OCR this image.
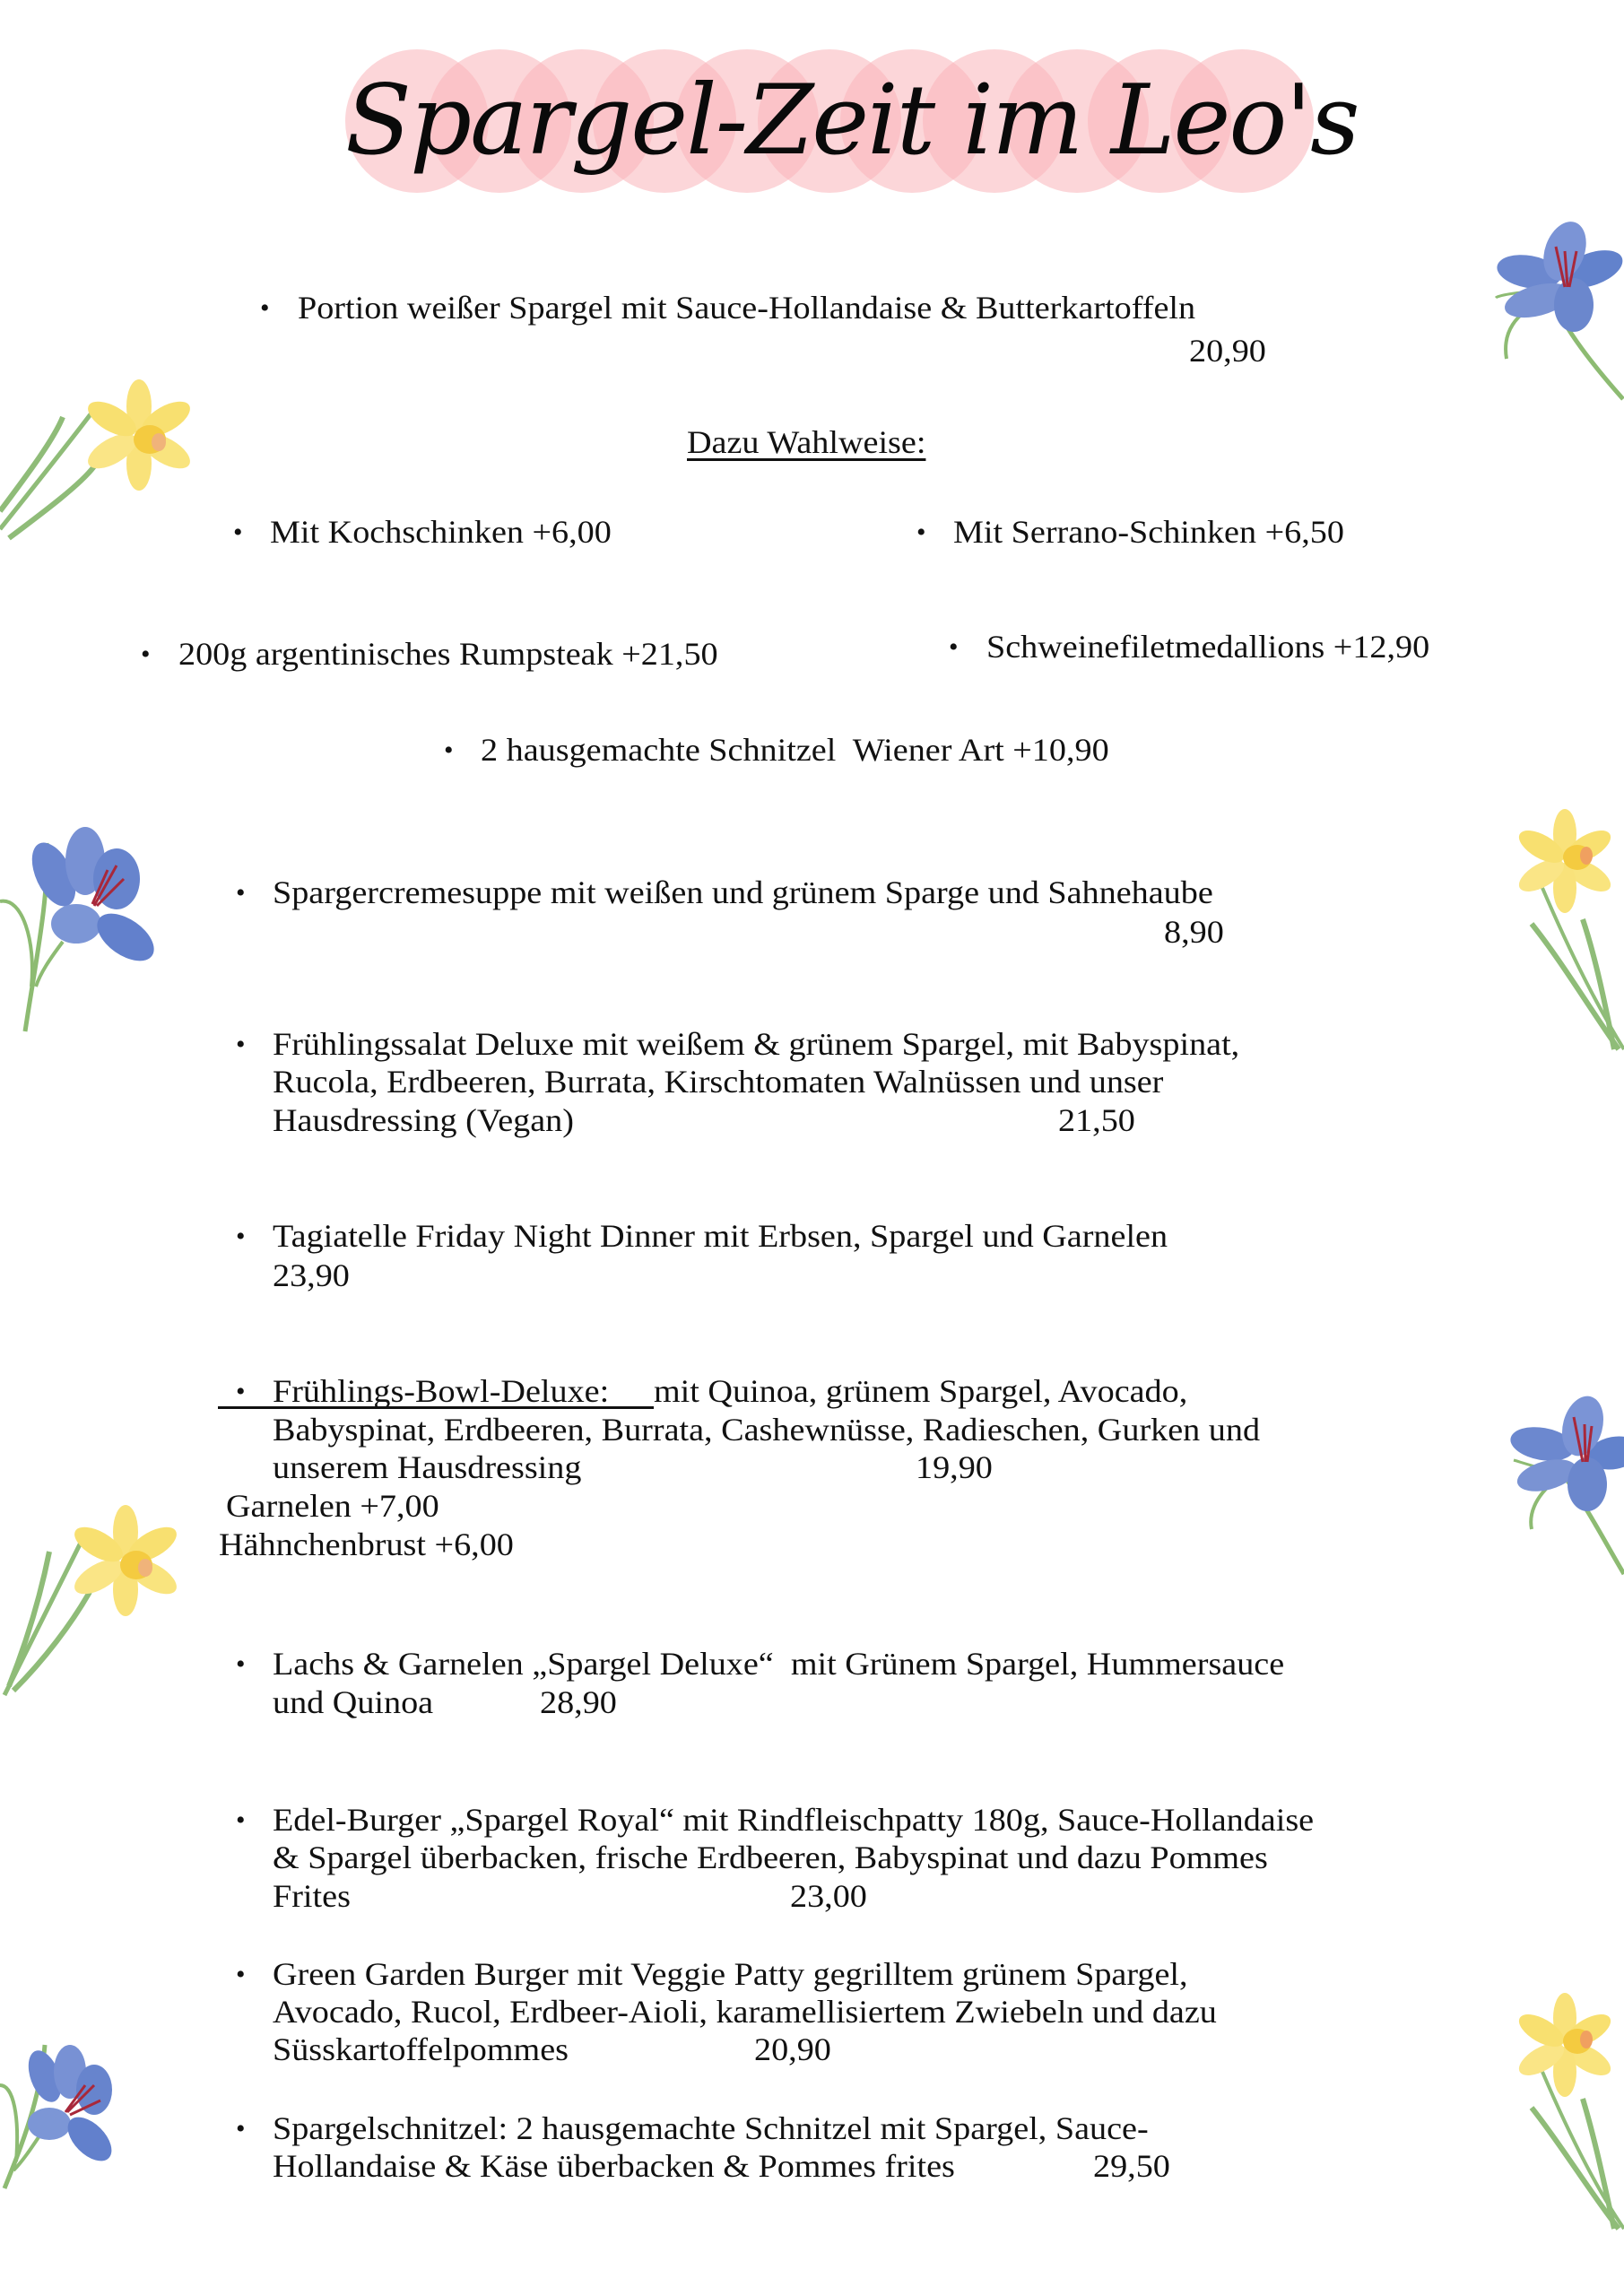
Spargel-Zeit im Leo's
• Portion weißer Spargel mit Sauce-Hollandaise & Butterkartoffeln
20,90
Dazu Wahlweise:
• Mit Kochschinken +6,00	• Mit Serrano-Schinken +6,50
• 200g argentinisches Rumpsteak +21,50	• Schweinefiletmedallions +12,90
• 2 hausgemachte Schnitzel  Wiener Art +10,90
• Spargercremesuppe mit weißen und grünem Sparge und Sahnehaube
8,90
• Frühlingssalat Deluxe mit weißem & grünem Spargel, mit Babyspinat,
Rucola, Erdbeeren, Burrata, Kirschtomaten Walnüssen und unser
Hausdressing (Vegan)	21,50
• Tagiatelle Friday Night Dinner mit Erbsen, Spargel und Garnelen
23,90
• Frühlings-Bowl-Deluxe: mit Quinoa, grünem Spargel, Avocado,
Babyspinat, Erdbeeren, Burrata, Cashewnüsse, Radieschen, Gurken und
unserem Hausdressing	19,90
Garnelen +7,00
Hähnchenbrust +6,00
• Lachs & Garnelen „Spargel Deluxe“  mit Grünem Spargel, Hummersauce
und Quinoa	28,90
• Edel-Burger „Spargel Royal“ mit Rindfleischpatty 180g, Sauce-Hollandaise
& Spargel überbacken, frische Erdbeeren, Babyspinat und dazu Pommes
Frites	23,00
• Green Garden Burger mit Veggie Patty gegrilltem grünem Spargel,
Avocado, Rucol, Erdbeer-Aioli, karamellisiertem Zwiebeln und dazu
Süsskartoffelpommes	20,90
• Spargelschnitzel: 2 hausgemachte Schnitzel mit Spargel, Sauce-
Hollandaise & Käse überbacken & Pommes frites	29,50
